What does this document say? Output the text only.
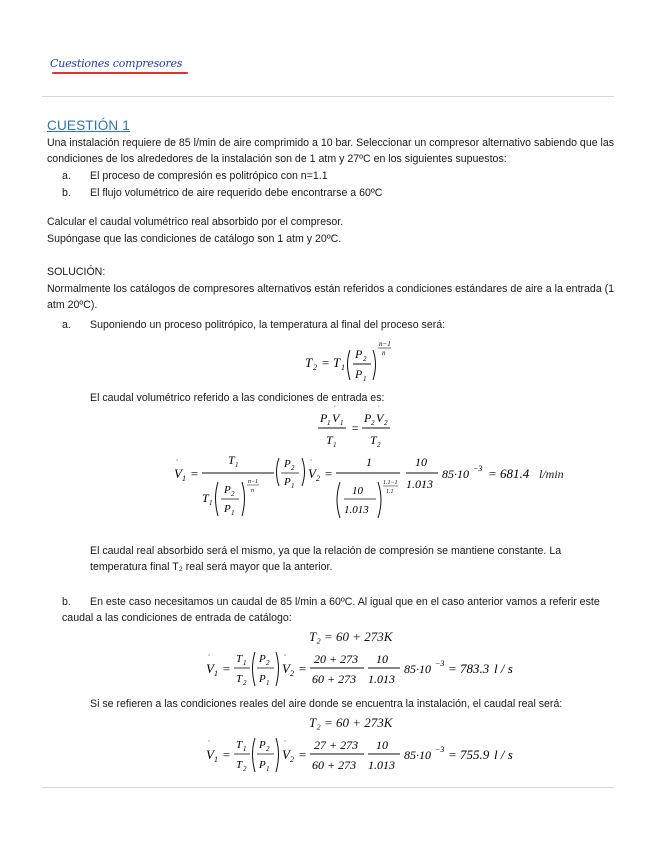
Cuestiones compresores
CUESTIÓN 1

Una instalación requiere de 85 l/min de aire comprimido a 10 bar. Seleccionar un compresor alternativo sabiendo que las condiciones de los alrededores de la instalación son de 1 atm y 27ºC en los siguientes supuestos:

a. El proceso de compresión es politrópico con n=1.1

b. El flujo volumétrico de aire requerido debe encontrarse a 60ºC

Calcular el caudal volumétrico real absorbido por el compresor.

Supóngase que las condiciones de catálogo son 1 atm y 20ºC.

SOLUCIÓN:

Normalmente los catálogos de compresores alternativos están referidos a condiciones estándares de aire a la entrada (1 atm 20ºC).

a. Suponiendo un proceso politrópico, la temperatura al final del proceso será:

T 2 = T 1
P 2
P 1
n−1
n

El caudal volumétrico referido a las condiciones de entrada es:

P 1 V 1
˙
T 1
=
P 2 V 2
˙
T 2
V
˙
1 =
T 1
T 1
P 2
P 1
n−1
n
P 2
P 1
V
˙
2 =
1
10
1.013
1.1−1
1.1
10
1.013
85·10 −3 = 681.4 l/min

El caudal real absorbido será el mismo, ya que la relación de compresión se mantiene constante. La temperatura final T₂ real será mayor que la anterior.

b. En este caso necesitamos un caudal de 85 l/min a 60ºC. Al igual que en el caso anterior vamos a referir este caudal a las condiciones de entrada de catálogo:

T₂ = 60 + 273K
V
˙
1 =
T 1
T 2
P 2
P 1
V
˙
2 =
20 + 273
60 + 273
10
1.013
85·10 −3 = 783.3 l / s

Si se refieren a las condiciones reales del aire donde se encuentra la instalación, el caudal real será:

T₂ = 60 + 273K
V
˙
1 =
T 1
T 2
P 2
P 1
V
˙
2 =
27 + 273
60 + 273
10
1.013
85·10 −3 = 755.9 l / s
